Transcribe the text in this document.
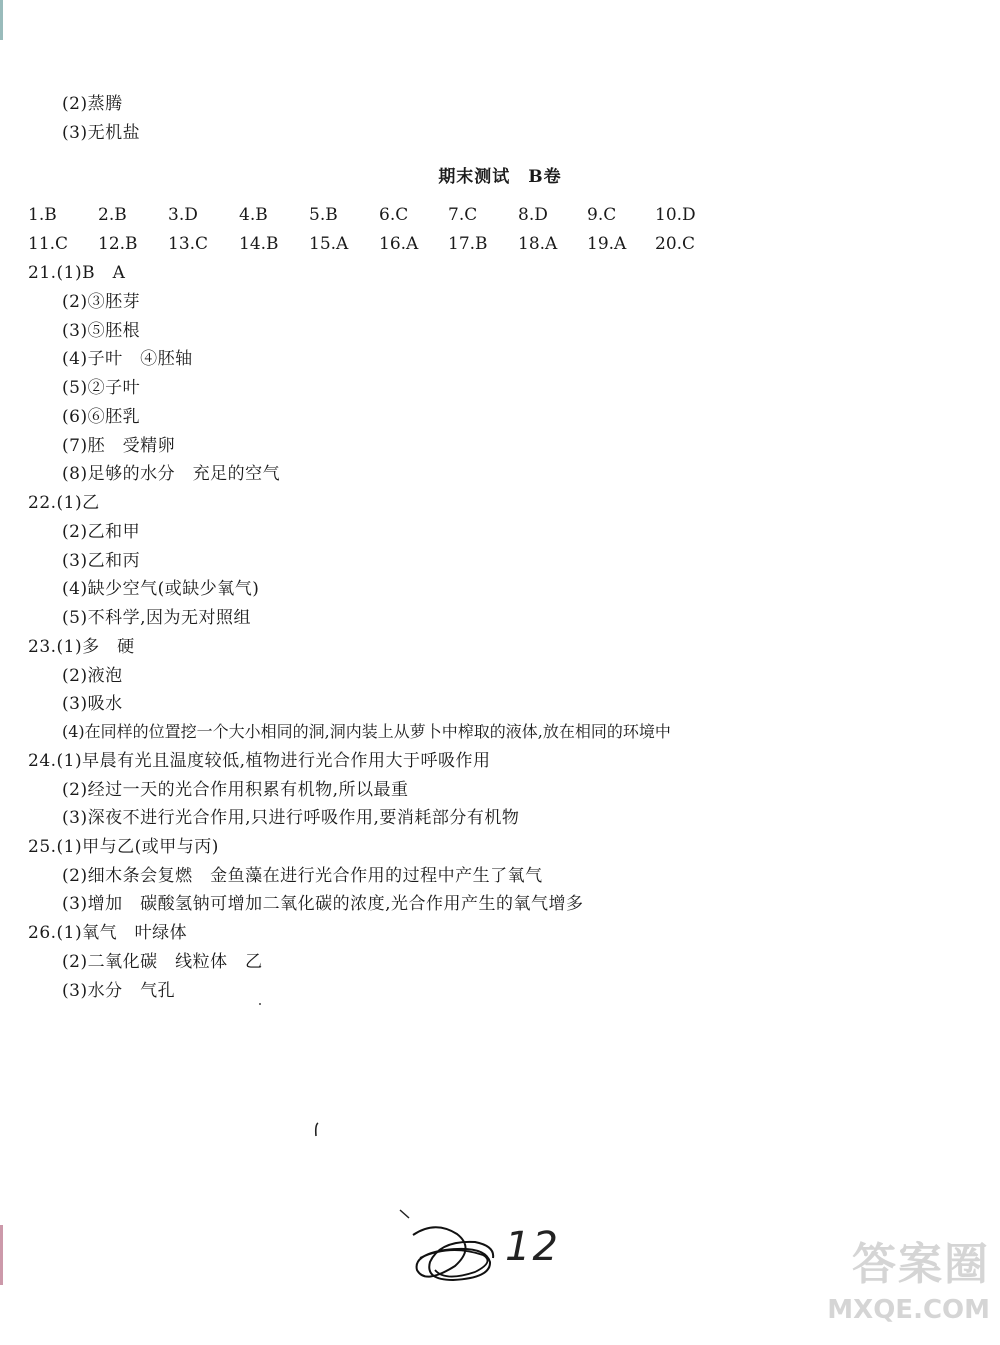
(2)蒸腾
(3)无机盐
期末测试　B卷
1.B 2.B 3.D 4.B 5.B 6.C 7.C 8.D 9.C 10.D
11.C 12.B 13.C 14.B 15.A 16.A 17.B 18.A 19.A 20.C
21.(1)B　A
(2)③胚芽
(3)⑤胚根
(4)子叶　④胚轴
(5)②子叶
(6)⑥胚乳
(7)胚　受精卵
(8)足够的水分　充足的空气
22.(1)乙
(2)乙和甲
(3)乙和丙
(4)缺少空气(或缺少氧气)
(5)不科学,因为无对照组
23.(1)多　硬
(2)液泡
(3)吸水
(4)在同样的位置挖一个大小相同的洞,洞内装上从萝卜中榨取的液体,放在相同的环境中
24.(1)早晨有光且温度较低,植物进行光合作用大于呼吸作用
(2)经过一天的光合作用积累有机物,所以最重
(3)深夜不进行光合作用,只进行呼吸作用,要消耗部分有机物
25.(1)甲与乙(或甲与丙)
(2)细木条会复燃　金鱼藻在进行光合作用的过程中产生了氧气
(3)增加　碳酸氢钠可增加二氧化碳的浓度,光合作用产生的氧气增多
26.(1)氧气　叶绿体
(2)二氧化碳　线粒体　乙
(3)水分　气孔
12	答案圈
MXQE.COM
